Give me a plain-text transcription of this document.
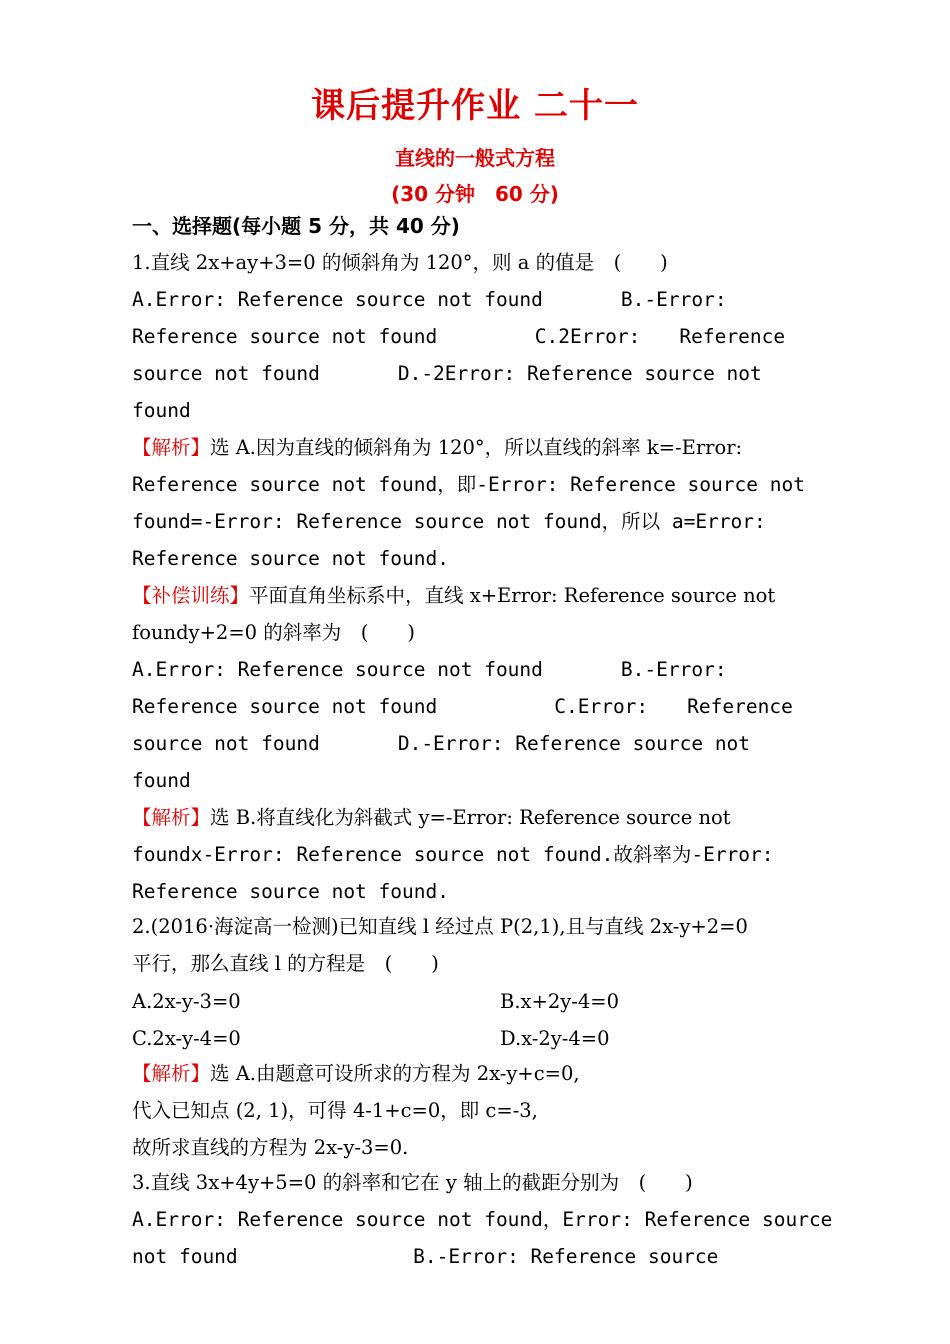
课后提升作业 二十一
直线的一般式方程
(30 分钟　60 分)
一、选择题(每小题 5 分，共 40 分)
1.直线 2x+ay+3=0 的倾斜角为 120°，则 a 的值是　(　　)
A.Error: Reference source not found　　　　B.-Error:
Reference source not found　　　　　C.2Error:　　Reference
source not found　　　　D.-2Error: Reference source not
found
【解析】选 A.因为直线的倾斜角为 120°，所以直线的斜率 k=-Error:
Reference source not found，即-Error: Reference source not
found=-Error: Reference source not found，所以 a=Error:
Reference source not found.
【补偿训练】平面直角坐标系中，直线 x+Error: Reference source not
foundy+2=0 的斜率为　(　　)
A.Error: Reference source not found　　　　B.-Error:
Reference source not found　　　　　　C.Error:　　Reference
source not found　　　　D.-Error: Reference source not
found
【解析】选 B.将直线化为斜截式 y=-Error: Reference source not
foundx-Error: Reference source not found.故斜率为-Error:
Reference source not found.
2.(2016·海淀高一检测)已知直线 l 经过点 P(2,1),且与直线 2x-y+2=0
平行，那么直线 l 的方程是　(　　)
A.2x-y-3=0	B.x+2y-4=0
C.2x-y-4=0	D.x-2y-4=0
【解析】选 A.由题意可设所求的方程为 2x-y+c=0,
代入已知点 (2, 1)，可得 4-1+c=0，即 c=-3,
故所求直线的方程为 2x-y-3=0.
3.直线 3x+4y+5=0 的斜率和它在 y 轴上的截距分别为　(　　)
A.Error: Reference source not found，Error: Reference source
not found　　　　　　　　　B.-Error: Reference source
